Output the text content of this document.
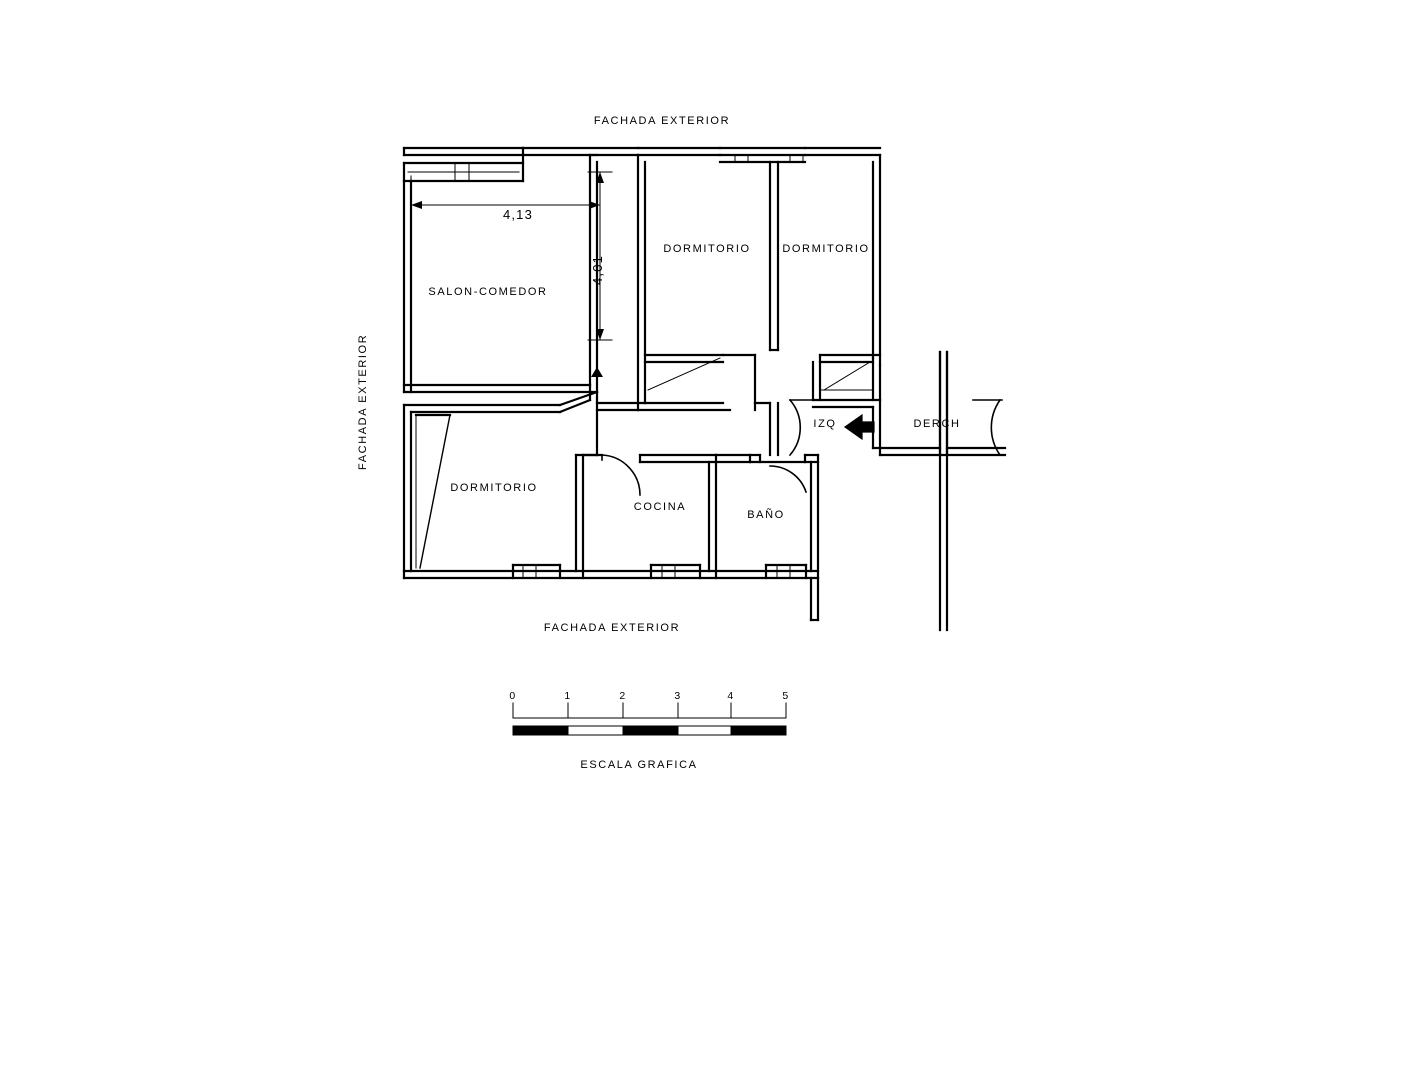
FACHADA EXTERIOR
FACHADA EXTERIOR
FACHADA EXTERIOR
SALON-COMEDOR
DORMITORIO	DORMITORIO
DORMITORIO
COCINA
BAÑO
4,13
4,01
IZQ	DERCH
0	1	2	3	4	5
ESCALA GRAFICA
